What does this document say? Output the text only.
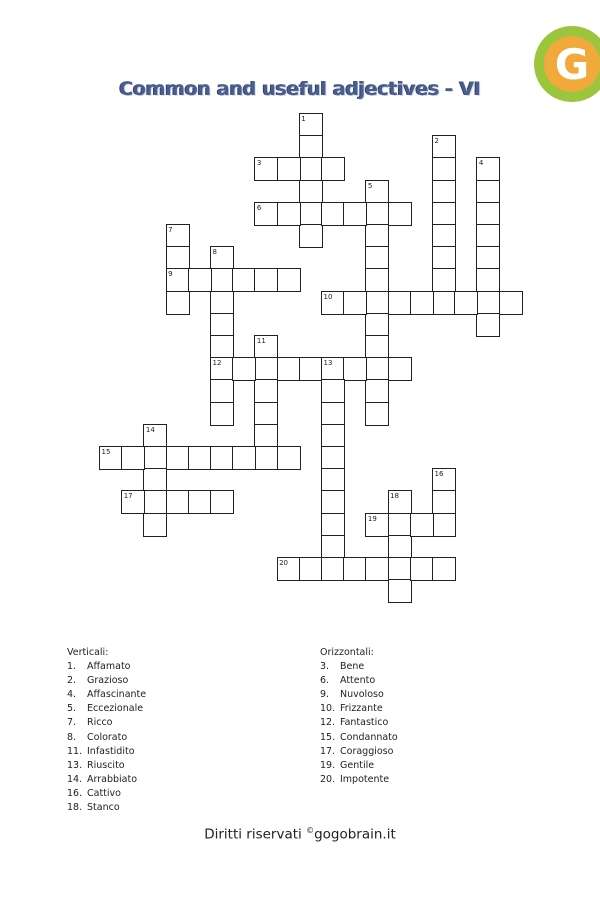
G
Common and useful adjectives - VI
1
2
3	4
5
6
7
8
9
10
11
12	13
14
15
16
17	18
19
20
Verticali:
1. Affamato
2. Grazioso
4. Affascinante
5. Eccezionale
7. Ricco
8. Colorato
11. Infastidito
13. Riuscito
14. Arrabbiato
16. Cattivo
18. Stanco
Orizzontali:
3. Bene
6. Attento
9. Nuvoloso
10. Frizzante
12. Fantastico
15. Condannato
17. Coraggioso
19. Gentile
20. Impotente
Diritti riservati ©gogobrain.it
